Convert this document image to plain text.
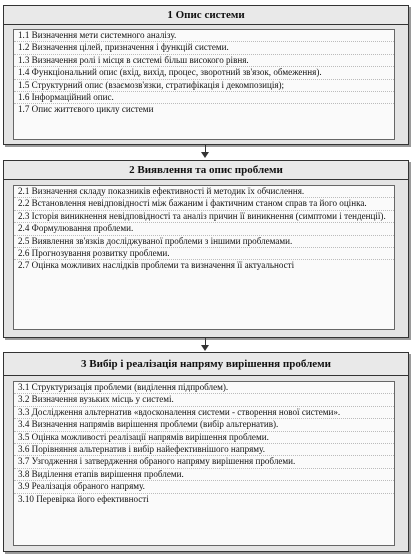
1 Опис системи
1.1 Визначення мети системного аналізу.
1.2 Визначення цілей, призначення і функцій системи.
1.3 Визначення ролі і місця в системі більш високого рівня.
1.4 Функціональний опис (вхід, вихід, процес, зворотний зв'язок, обмеження).
1.5 Структурний опис (взаємозв'язки, стратифікація і декомпозиція);
1.6 Інформаційний опис.
1.7 Опис життєвого циклу системи
2 Виявлення та опис проблеми
2.1 Визначення складу показників ефективності й методик їх обчислення.
2.2 Встановлення невідповідності між бажаним і фактичним станом справ та його оцінка.
2.3 Історія виникнення невідповідності та аналіз причин її виникнення (симптоми і тенденції).
2.4 Формулювання проблеми.
2.5 Виявлення зв'язків досліджуваної проблеми з іншими проблемами.
2.6 Прогнозування розвитку проблеми.
2.7 Оцінка можливих наслідків проблеми та визначення її актуальності
3 Вибір і реалізація напряму вирішення проблеми
3.1 Структуризація проблеми (виділення підпроблем).
3.2 Визначення вузьких місць у системі.
3.3 Дослідження альтернатив «вдосконалення системи - створення нової системи».
3.4 Визначення напрямів вирішення проблеми (вибір альтернатив).
3.5 Оцінка можливості реалізації напрямів вирішення проблеми.
3.6 Порівняння альтернатив і вибір найефективнішого напряму.
3.7 Узгодження і затвердження обраного напряму вирішення проблеми.
3.8 Виділення етапів вирішення проблеми.
3.9 Реалізація обраного напряму.
3.10 Перевірка його ефективності
